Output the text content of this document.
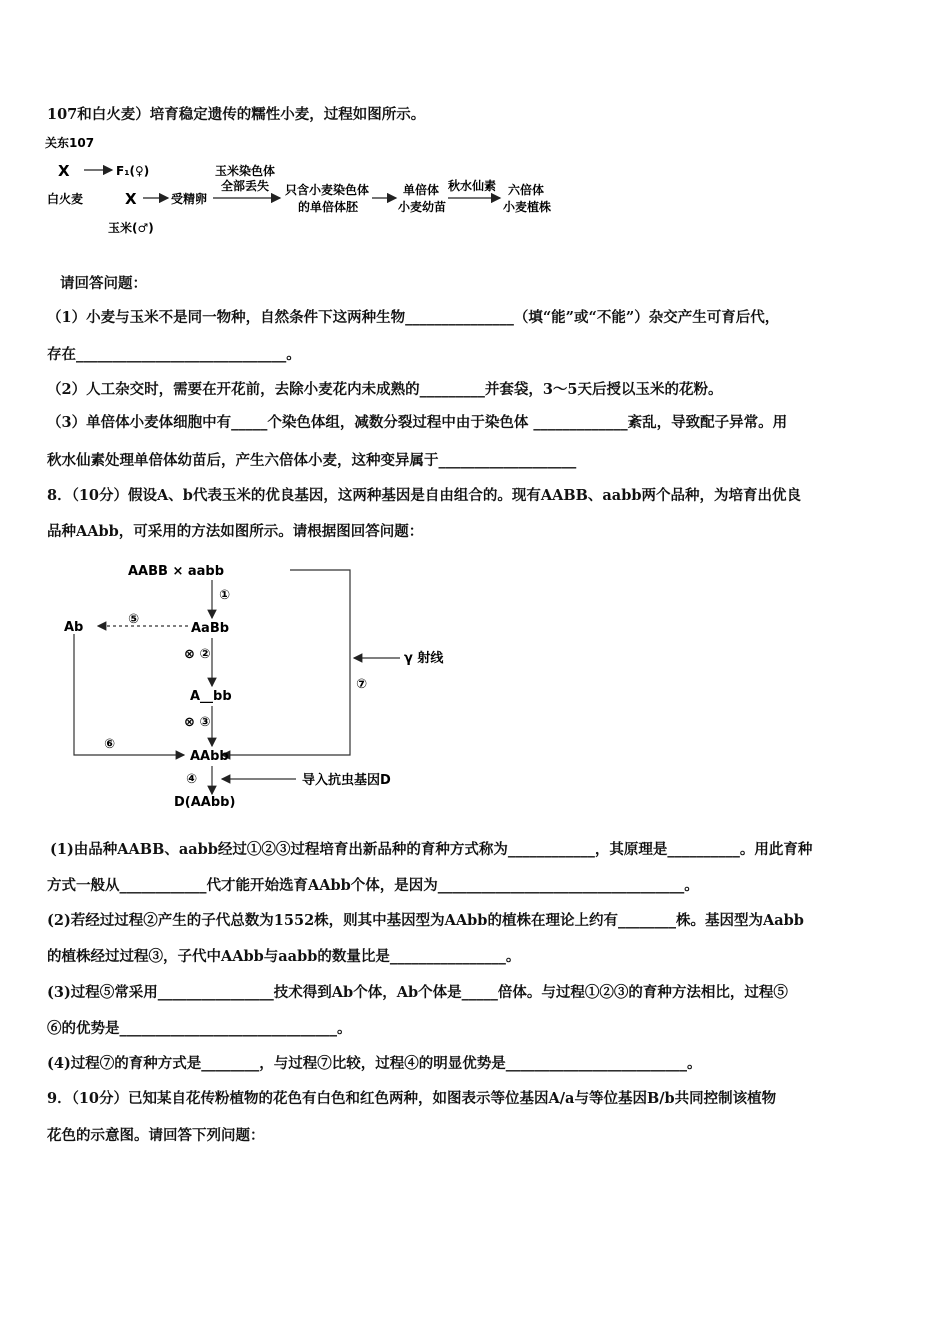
107和白火麦）培育稳定遗传的糯性小麦，过程如图所示。
关东107
X	F₁(♀)
白火麦	X	受精卵
玉米(♂)
玉米染色体
全部丢失 只含小麦染色体
的单倍体胚
单倍体
小麦幼苗
秋水仙素 六倍体
小麦植株
请回答问题：
（1）小麦与玉米不是同一物种，自然条件下这两种生物_______________（填“能”或“不能”）杂交产生可育后代，
存在_____________________________。
（2）人工杂交时，需要在开花前，去除小麦花内未成熟的_________并套袋，3～5天后授以玉米的花粉。
（3）单倍体小麦体细胞中有_____个染色体组，减数分裂过程中由于染色体 _____________紊乱，导致配子异常。用
秋水仙素处理单倍体幼苗后，产生六倍体小麦，这种变异属于___________________
8．（10分）假设A、b代表玉米的优良基因，这两种基因是自由组合的。现有AABB、aabb两个品种，为培育出优良
品种AAbb，可采用的方法如图所示。请根据图回答问题：
AABB × aabb
①
Ab
⑤
AaBb
⊗ ②	γ 射线
⑦
A__bb
⊗ ③
⑥
AAbb
④	导入抗虫基因D
D(AAbb)
(1)由品种AABB、aabb经过①②③过程培育出新品种的育种方式称为____________，其原理是__________。用此育种
方式一般从____________代才能开始选育AAbb个体，是因为__________________________________。
(2)若经过过程②产生的子代总数为1552株，则其中基因型为AAbb的植株在理论上约有________株。基因型为Aabb
的植株经过过程③，子代中AAbb与aabb的数量比是________________。
(3)过程⑤常采用________________技术得到Ab个体，Ab个体是_____倍体。与过程①②③的育种方法相比，过程⑤
⑥的优势是______________________________。
(4)过程⑦的育种方式是________，与过程⑦比较，过程④的明显优势是_________________________。
9．（10分）已知某自花传粉植物的花色有白色和红色两种，如图表示等位基因A/a与等位基因B/b共同控制该植物
花色的示意图。请回答下列问题：
